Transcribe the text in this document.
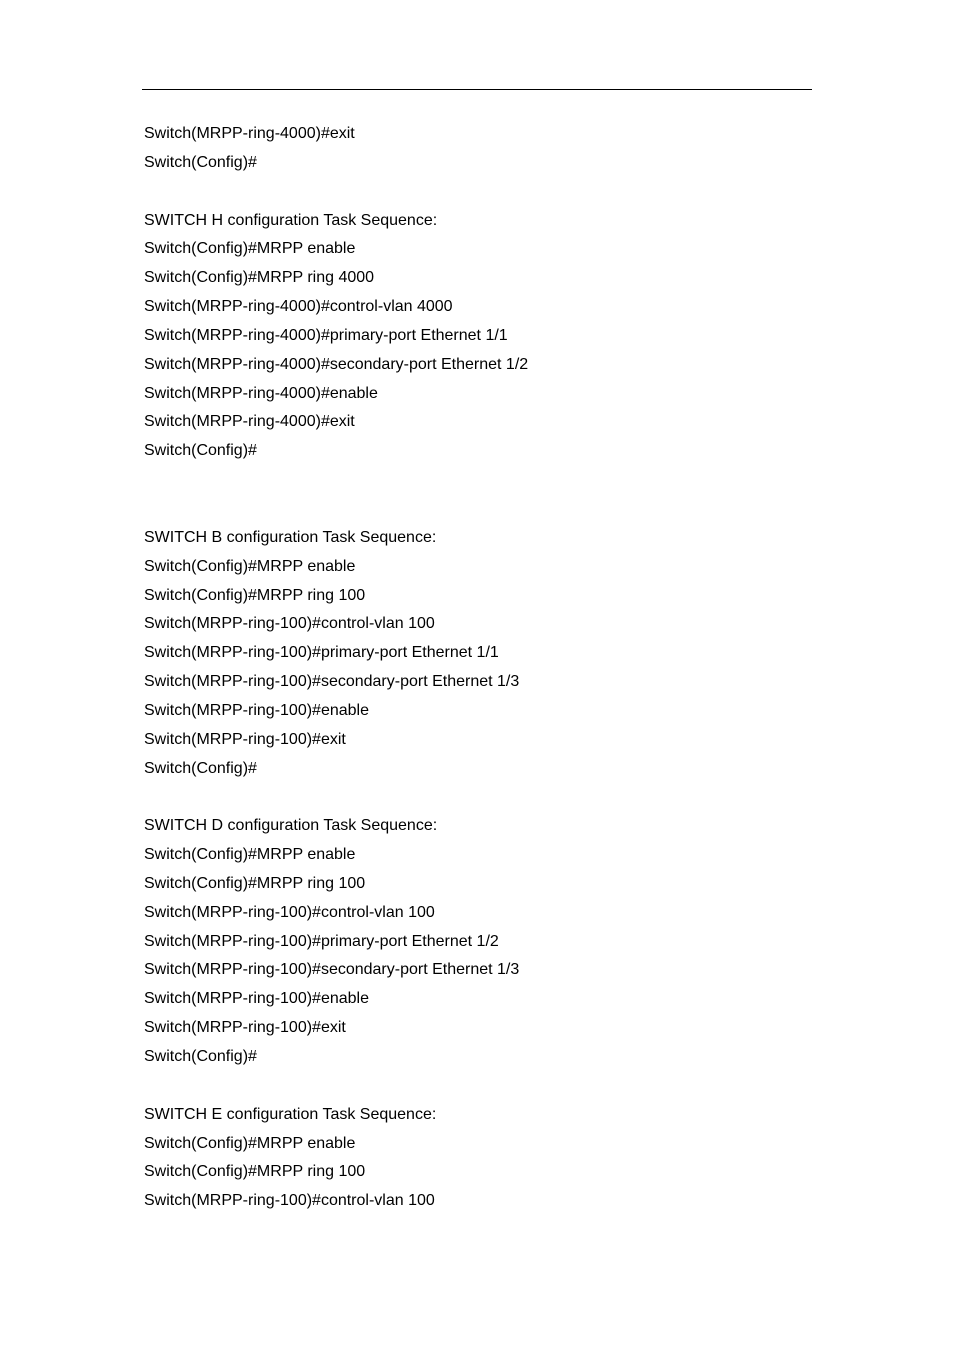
Switch(MRPP-ring-4000)#exit
Switch(Config)#
SWITCH H configuration Task Sequence:
Switch(Config)#MRPP enable
Switch(Config)#MRPP ring 4000
Switch(MRPP-ring-4000)#control-vlan 4000
Switch(MRPP-ring-4000)#primary-port Ethernet 1/1
Switch(MRPP-ring-4000)#secondary-port Ethernet 1/2
Switch(MRPP-ring-4000)#enable
Switch(MRPP-ring-4000)#exit
Switch(Config)#
SWITCH B configuration Task Sequence:
Switch(Config)#MRPP enable
Switch(Config)#MRPP ring 100
Switch(MRPP-ring-100)#control-vlan 100
Switch(MRPP-ring-100)#primary-port Ethernet 1/1
Switch(MRPP-ring-100)#secondary-port Ethernet 1/3
Switch(MRPP-ring-100)#enable
Switch(MRPP-ring-100)#exit
Switch(Config)#
SWITCH D configuration Task Sequence:
Switch(Config)#MRPP enable
Switch(Config)#MRPP ring 100
Switch(MRPP-ring-100)#control-vlan 100
Switch(MRPP-ring-100)#primary-port Ethernet 1/2
Switch(MRPP-ring-100)#secondary-port Ethernet 1/3
Switch(MRPP-ring-100)#enable
Switch(MRPP-ring-100)#exit
Switch(Config)#
SWITCH E configuration Task Sequence:
Switch(Config)#MRPP enable
Switch(Config)#MRPP ring 100
Switch(MRPP-ring-100)#control-vlan 100
